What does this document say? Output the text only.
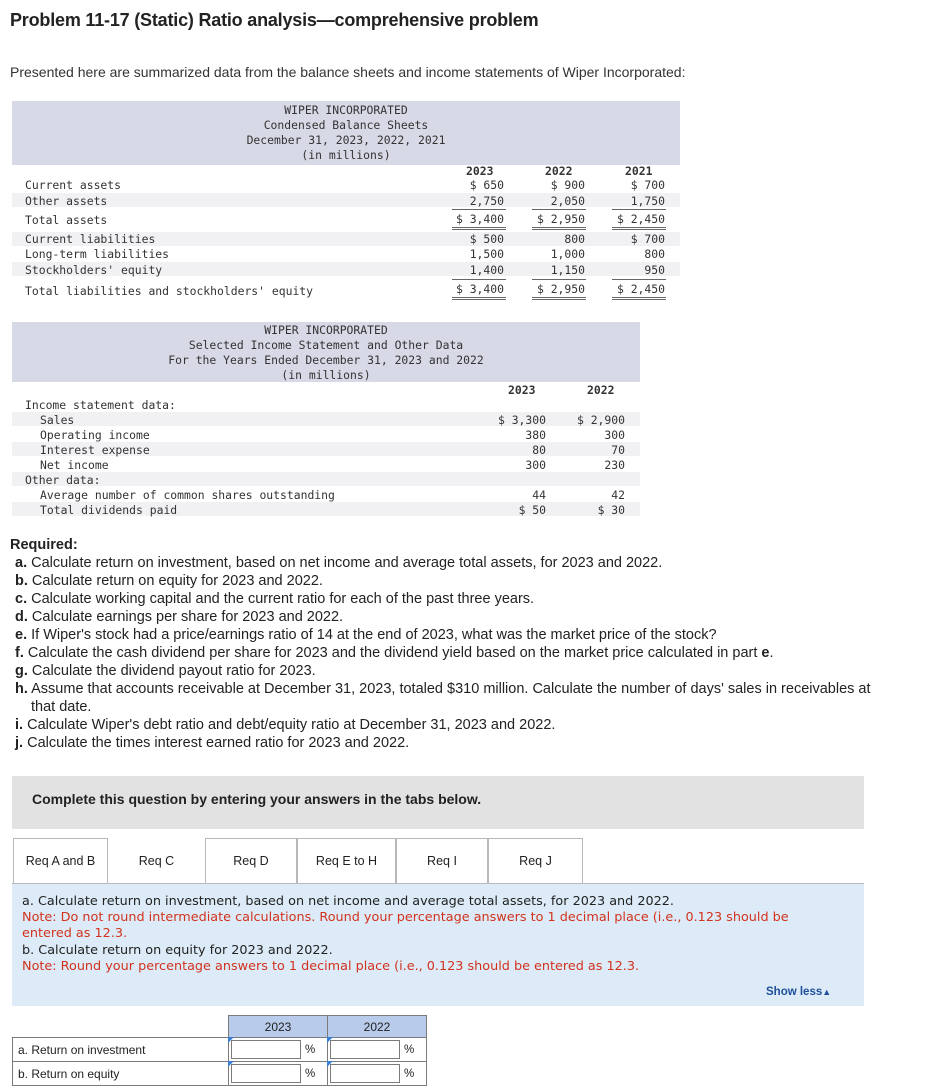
Problem 11-17 (Static) Ratio analysis—comprehensive problem
Presented here are summarized data from the balance sheets and income statements of Wiper Incorporated:
WIPER INCORPORATED
Condensed Balance Sheets
December 31, 2023, 2022, 2021
(in millions)
2023	2022	2021
Current assets	$ 650	$ 900	$ 700
Other assets	2,750	2,050	1,750
Total assets	$ 3,400	$ 2,950	$ 2,450
Current liabilities	$ 500	800	$ 700
Long-term liabilities	1,500	1,000	800
Stockholders' equity	1,400	1,150	950
Total liabilities and stockholders' equity	$ 3,400	$ 2,950	$ 2,450
WIPER INCORPORATED
Selected Income Statement and Other Data
For the Years Ended December 31, 2023 and 2022
(in millions)
2023	2022
Income statement data:
Sales	$ 3,300	$ 2,900
Operating income	380	300
Interest expense	80	70
Net income	300	230
Other data:
Average number of common shares outstanding	44	42
Total dividends paid	$ 50	$ 30
Required:
a. Calculate return on investment, based on net income and average total assets, for 2023 and 2022.
b. Calculate return on equity for 2023 and 2022.
c. Calculate working capital and the current ratio for each of the past three years.
d. Calculate earnings per share for 2023 and 2022.
e. If Wiper's stock had a price/earnings ratio of 14 at the end of 2023, what was the market price of the stock?
f. Calculate the cash dividend per share for 2023 and the dividend yield based on the market price calculated in part e.
g. Calculate the dividend payout ratio for 2023.
h. Assume that accounts receivable at December 31, 2023, totaled $310 million. Calculate the number of days' sales in receivables at
that date.
i. Calculate Wiper's debt ratio and debt/equity ratio at December 31, 2023 and 2022.
j. Calculate the times interest earned ratio for 2023 and 2022.
Complete this question by entering your answers in the tabs below.
Req A and B	Req C	Req D	Req E to H	Req I	Req J
a. Calculate return on investment, based on net income and average total assets, for 2023 and 2022.
Note: Do not round intermediate calculations. Round your percentage answers to 1 decimal place (i.e., 0.123 should be
entered as 12.3.
b. Calculate return on equity for 2023 and 2022.
Note: Round your percentage answers to 1 decimal place (i.e., 0.123 should be entered as 12.3.
Show less▲
	2023		2022	
a. Return on investment		%		%
b. Return on equity		%		%
